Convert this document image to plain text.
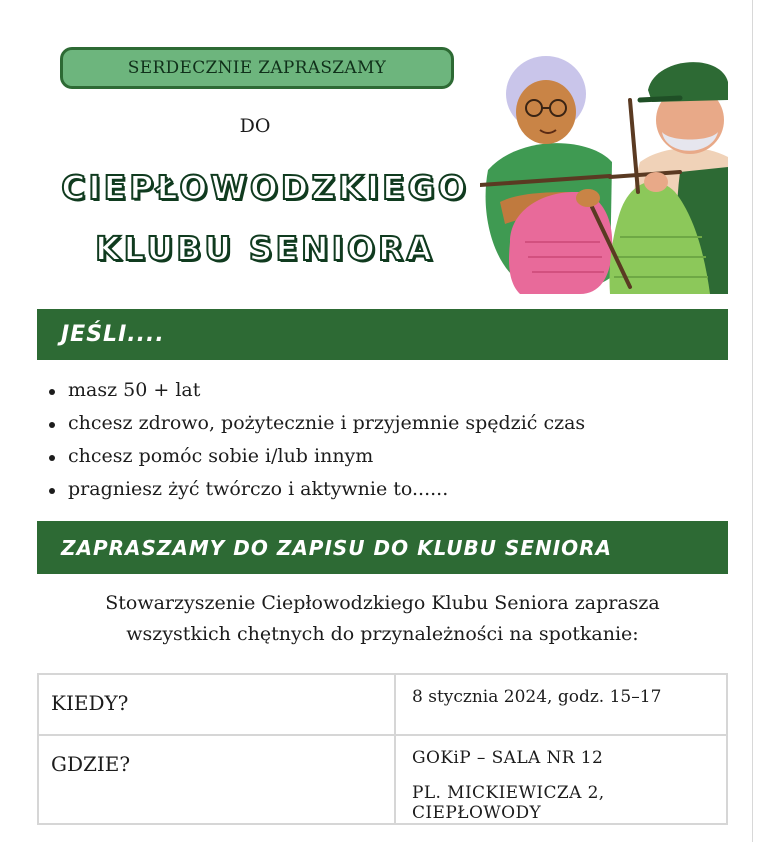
SERDECZNIE ZAPRASZAMY
DO
CIEPŁOWODZKIEGO
KLUBU SENIORA
JEŚLI....
masz 50 + lat
chcesz zdrowo, pożytecznie i przyjemnie spędzić czas
chcesz pomóc sobie i/lub innym
pragniesz żyć twórczo i aktywnie to......
ZAPRASZAMY DO ZAPISU DO KLUBU SENIORA
Stowarzyszenie Ciepłowodzkiego Klubu Seniora zaprasza
wszystkich chętnych do przynależności na spotkanie:
KIEDY?	8 stycznia 2024, godz. 15–17
GDZIE?	GOKiP – SALA NR 12
PL. MICKIEWICZA 2, CIEPŁOWODY
